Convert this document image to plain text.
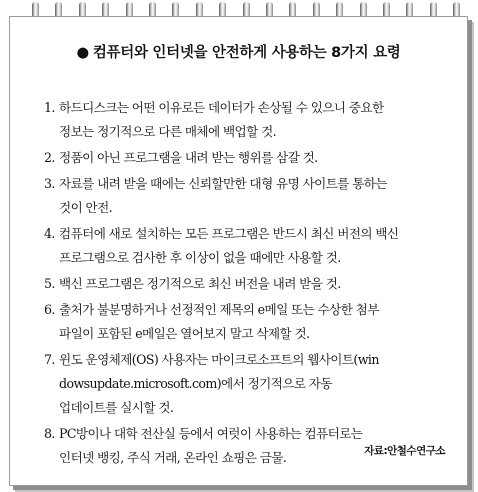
● 컴퓨터와 인터넷을 안전하게 사용하는 8가지 요령
1. 하드디스크는 어떤 이유로든 데이터가 손상될 수 있으니 중요한
정보는 정기적으로 다른 매체에 백업할 것.
2. 정품이 아닌 프로그램을 내려 받는 행위를 삼갈 것.
3. 자료를 내려 받을 때에는 신뢰할만한 대형 유명 사이트를 통하는
것이 안전.
4. 컴퓨터에 새로 설치하는 모든 프로그램은 반드시 최신 버전의 백신
프로그램으로 검사한 후 이상이 없을 때에만 사용할 것.
5. 백신 프로그램은 정기적으로 최신 버전을 내려 받을 것.
6. 출처가 불분명하거나 선정적인 제목의 e메일 또는 수상한 첨부
파일이 포함된 e메일은 열어보지 말고 삭제할 것.
7. 윈도 운영체제(OS) 사용자는 마이크로소프트의 웹사이트(win
dowsupdate.microsoft.com)에서 정기적으로 자동
업데이트를 실시할 것.
8. PC방이나 대학 전산실 등에서 여럿이 사용하는 컴퓨터로는
인터넷 뱅킹, 주식 거래, 온라인 쇼핑은 금물.	자료:안철수연구소
